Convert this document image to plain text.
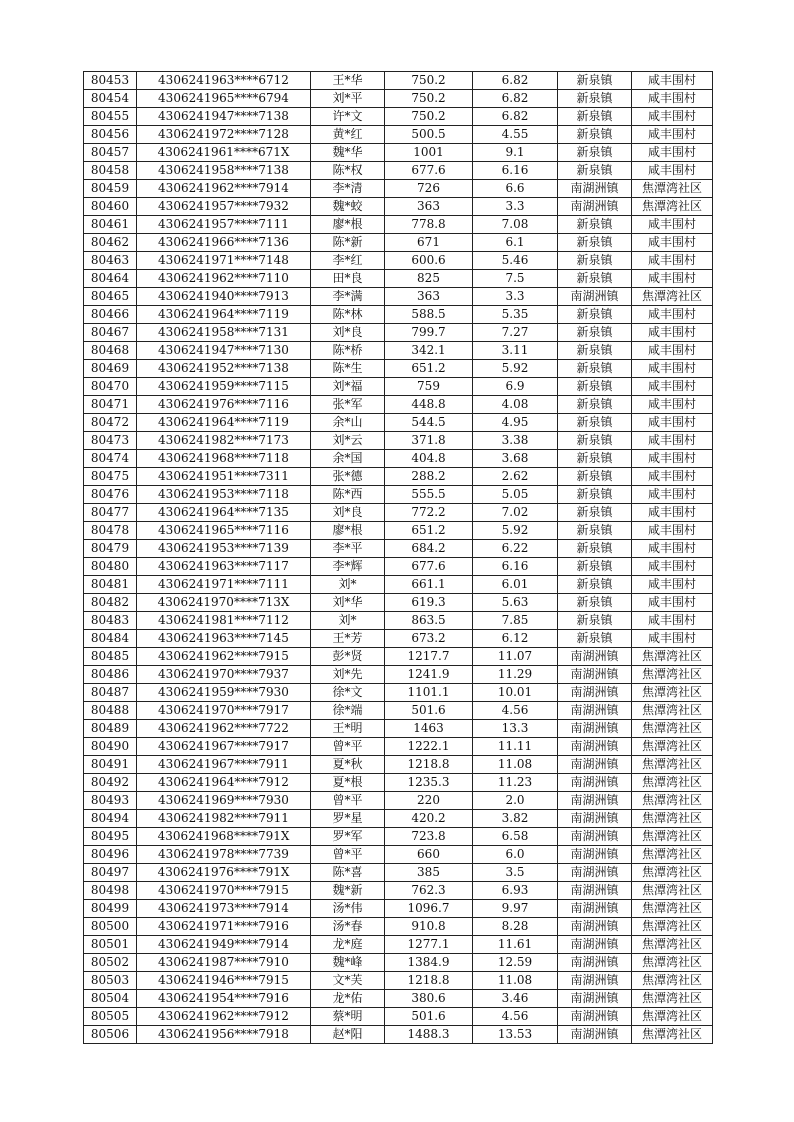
80453	4306241963****6712	王*华	750.2	6.82	新泉镇	咸丰围村
80454	4306241965****6794	刘*平	750.2	6.82	新泉镇	咸丰围村
80455	4306241947****7138	许*文	750.2	6.82	新泉镇	咸丰围村
80456	4306241972****7128	黄*红	500.5	4.55	新泉镇	咸丰围村
80457	4306241961****671X	魏*华	1001	9.1	新泉镇	咸丰围村
80458	4306241958****7138	陈*权	677.6	6.16	新泉镇	咸丰围村
80459	4306241962****7914	李*清	726	6.6	南湖洲镇	焦潭湾社区
80460	4306241957****7932	魏*蛟	363	3.3	南湖洲镇	焦潭湾社区
80461	4306241957****7111	廖*根	778.8	7.08	新泉镇	咸丰围村
80462	4306241966****7136	陈*新	671	6.1	新泉镇	咸丰围村
80463	4306241971****7148	李*红	600.6	5.46	新泉镇	咸丰围村
80464	4306241962****7110	田*良	825	7.5	新泉镇	咸丰围村
80465	4306241940****7913	李*满	363	3.3	南湖洲镇	焦潭湾社区
80466	4306241964****7119	陈*林	588.5	5.35	新泉镇	咸丰围村
80467	4306241958****7131	刘*良	799.7	7.27	新泉镇	咸丰围村
80468	4306241947****7130	陈*桥	342.1	3.11	新泉镇	咸丰围村
80469	4306241952****7138	陈*生	651.2	5.92	新泉镇	咸丰围村
80470	4306241959****7115	刘*福	759	6.9	新泉镇	咸丰围村
80471	4306241976****7116	张*军	448.8	4.08	新泉镇	咸丰围村
80472	4306241964****7119	余*山	544.5	4.95	新泉镇	咸丰围村
80473	4306241982****7173	刘*云	371.8	3.38	新泉镇	咸丰围村
80474	4306241968****7118	余*国	404.8	3.68	新泉镇	咸丰围村
80475	4306241951****7311	张*德	288.2	2.62	新泉镇	咸丰围村
80476	4306241953****7118	陈*西	555.5	5.05	新泉镇	咸丰围村
80477	4306241964****7135	刘*良	772.2	7.02	新泉镇	咸丰围村
80478	4306241965****7116	廖*根	651.2	5.92	新泉镇	咸丰围村
80479	4306241953****7139	李*平	684.2	6.22	新泉镇	咸丰围村
80480	4306241963****7117	李*辉	677.6	6.16	新泉镇	咸丰围村
80481	4306241971****7111	刘*	661.1	6.01	新泉镇	咸丰围村
80482	4306241970****713X	刘*华	619.3	5.63	新泉镇	咸丰围村
80483	4306241981****7112	刘*	863.5	7.85	新泉镇	咸丰围村
80484	4306241963****7145	王*芳	673.2	6.12	新泉镇	咸丰围村
80485	4306241962****7915	彭*贤	1217.7	11.07	南湖洲镇	焦潭湾社区
80486	4306241970****7937	刘*先	1241.9	11.29	南湖洲镇	焦潭湾社区
80487	4306241959****7930	徐*文	1101.1	10.01	南湖洲镇	焦潭湾社区
80488	4306241970****7917	徐*端	501.6	4.56	南湖洲镇	焦潭湾社区
80489	4306241962****7722	王*明	1463	13.3	南湖洲镇	焦潭湾社区
80490	4306241967****7917	曾*平	1222.1	11.11	南湖洲镇	焦潭湾社区
80491	4306241967****7911	夏*秋	1218.8	11.08	南湖洲镇	焦潭湾社区
80492	4306241964****7912	夏*根	1235.3	11.23	南湖洲镇	焦潭湾社区
80493	4306241969****7930	曾*平	220	2.0	南湖洲镇	焦潭湾社区
80494	4306241982****7911	罗*星	420.2	3.82	南湖洲镇	焦潭湾社区
80495	4306241968****791X	罗*军	723.8	6.58	南湖洲镇	焦潭湾社区
80496	4306241978****7739	曾*平	660	6.0	南湖洲镇	焦潭湾社区
80497	4306241976****791X	陈*喜	385	3.5	南湖洲镇	焦潭湾社区
80498	4306241970****7915	魏*新	762.3	6.93	南湖洲镇	焦潭湾社区
80499	4306241973****7914	汤*伟	1096.7	9.97	南湖洲镇	焦潭湾社区
80500	4306241971****7916	汤*春	910.8	8.28	南湖洲镇	焦潭湾社区
80501	4306241949****7914	龙*庭	1277.1	11.61	南湖洲镇	焦潭湾社区
80502	4306241987****7910	魏*峰	1384.9	12.59	南湖洲镇	焦潭湾社区
80503	4306241946****7915	文*芙	1218.8	11.08	南湖洲镇	焦潭湾社区
80504	4306241954****7916	龙*佑	380.6	3.46	南湖洲镇	焦潭湾社区
80505	4306241962****7912	蔡*明	501.6	4.56	南湖洲镇	焦潭湾社区
80506	4306241956****7918	赵*阳	1488.3	13.53	南湖洲镇	焦潭湾社区
